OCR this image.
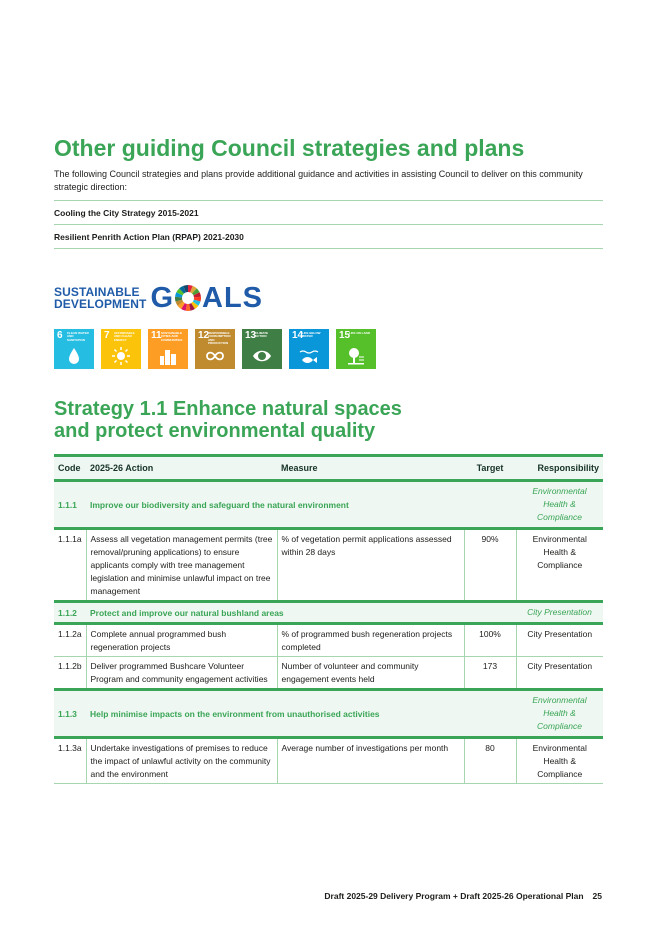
Other guiding Council strategies and plans

The following Council strategies and plans provide additional guidance and activities in assisting Council to deliver on this community strategic direction:

Cooling the City Strategy 2015-2021
Resilient Penrith Action Plan (RPAP) 2021-2030
SUSTAINABLE
DEVELOPMENT G ALS
6 CLEAN WATER AND SANITATION	7 AFFORDABLE AND CLEAN ENERGY	11 SUSTAINABLE CITIES AND COMMUNITIES	12
RESPONSIBLE CONSUMPTION AND PRODUCTION
13
CLIMATE ACTION	14
LIFE BELOW WATER	15
LIFE ON LAND
Strategy 1.1 Enhance natural spaces
and protect environmental quality
Code	2025-26 Action	Measure	Target	Responsibility
1.1.1	Improve our biodiversity and safeguard the natural environment			Environmental Health & Compliance
1.1.1a	Assess all vegetation management permits (tree removal/pruning applications) to ensure applicants comply with tree management legislation and minimise unlawful impact on tree management	% of vegetation permit applications assessed within 28 days	90%	Environmental Health & Compliance
1.1.2	Protect and improve our natural bushland areas			City Presentation
1.1.2a	Complete annual programmed bush regeneration projects	% of programmed bush regeneration projects completed	100%	City Presentation
1.1.2b	Deliver programmed Bushcare Volunteer Program and community engagement activities	Number of volunteer and community engagement events held	173	City Presentation
1.1.3	Help minimise impacts on the environment from unauthorised activities			Environmental Health & Compliance
1.1.3a	Undertake investigations of premises to reduce the impact of unlawful activity on the community and the environment	Average number of investigations per month	80	Environmental Health & Compliance
Draft 2025-29 Delivery Program + Draft 2025-26 Operational Plan 25
